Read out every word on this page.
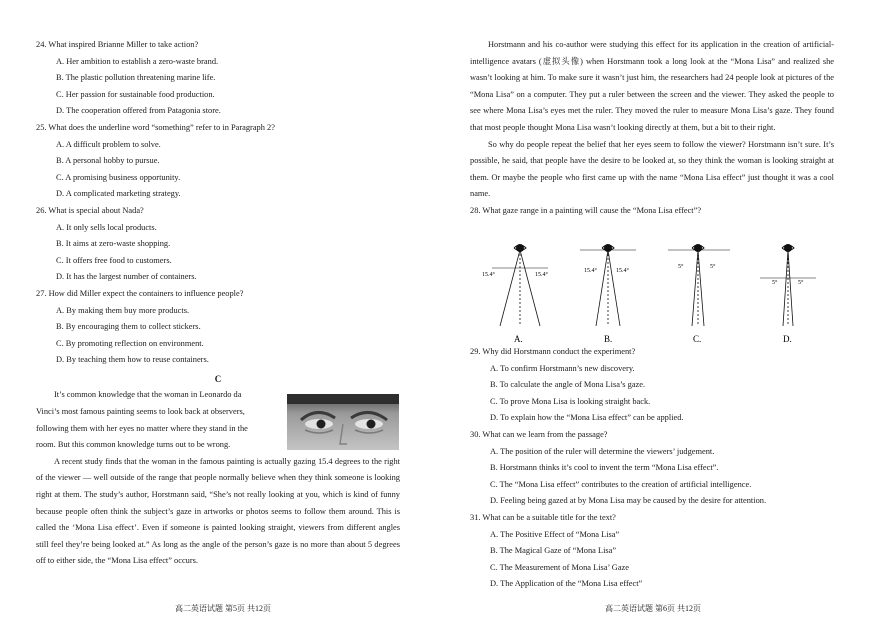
24. What inspired Brianne Miller to take action?

A. Her ambition to establish a zero-waste brand.

B. The plastic pollution threatening marine life.

C. Her passion for sustainable food production.

D. The cooperation offered from Patagonia store.

25. What does the underline word “something” refer to in Paragraph 2?

A. A difficult problem to solve.

B. A personal hobby to pursue.

C. A promising business opportunity.

D. A complicated marketing strategy.

26. What is special about Nada?

A. It only sells local products.

B. It aims at zero-waste shopping.

C. It offers free food to customers.

D. It has the largest number of containers.

27. How did Miller expect the containers to influence people?

A. By making them buy more products.

B. By encouraging them to collect stickers.

C. By promoting reflection on environment.

D. By teaching them how to reuse containers.

C

It’s common knowledge that the woman in Leonardo da

Vinci’s most famous painting seems to look back at observers,

following them with her eyes no matter where they stand in the

room. But this common knowledge turns out to be wrong.

A recent study finds that the woman in the famous painting is actually gazing 15.4 degrees to the right of the viewer — well outside of the range that people normally believe when they think someone is looking right at them. The study’s author, Horstmann said, “She’s not really looking at you, which is kind of funny because people often think the subject’s gaze in artworks or photos seems to follow them around. This is called the ‘Mona Lisa effect’. Even if someone is painted looking straight, viewers from different angles still feel they’re being looked at.” As long as the angle of the person’s gaze is no more than about 5 degrees off to either side, the “Mona Lisa effect” occurs.

高二英语试题 第5页 共12页

Horstmann and his co-author were studying this effect for its application in the creation of artificial-intelligence avatars (虚拟头像) when Horstmann took a long look at the “Mona Lisa” and realized she wasn’t looking at him. To make sure it wasn’t just him, the researchers had 24 people look at pictures of the “Mona Lisa” on a computer. They put a ruler between the screen and the viewer. They asked the people to see where Mona Lisa’s eyes met the ruler. They moved the ruler to measure Mona Lisa’s gaze. They found that most people thought Mona Lisa wasn’t looking directly at them, but a bit to their right.

So why do people repeat the belief that her eyes seem to follow the viewer? Horstmann isn’t sure. It’s possible, he said, that people have the desire to be looked at, so they think the woman is looking straight at them. Or maybe the people who first came up with the name “Mona Lisa effect” just thought it was a cool name.

28. What gaze range in a painting will cause the “Mona Lisa effect”?

15.4°	15.4°
A.
15.4°	15.4°
B.
5°	5°
C.
5°	5°
D.

29. Why did Horstmann conduct the experiment?

A. To confirm Horstmann’s new discovery.

B. To calculate the angle of Mona Lisa’s gaze.

C. To prove Mona Lisa is looking straight back.

D. To explain how the “Mona Lisa effect” can be applied.

30. What can we learn from the passage?

A. The position of the ruler will determine the viewers’ judgement.

B. Horstmann thinks it’s cool to invent the term “Mona Lisa effect”.

C. The “Mona Lisa effect” contributes to the creation of artificial intelligence.

D. Feeling being gazed at by Mona Lisa may be caused by the desire for attention.

31. What can be a suitable title for the text?

A. The Positive Effect of “Mona Lisa”

B. The Magical Gaze of “Mona Lisa”

C. The Measurement of Mona Lisa’ Gaze

D. The Application of the “Mona Lisa effect”

高二英语试题 第6页 共12页
